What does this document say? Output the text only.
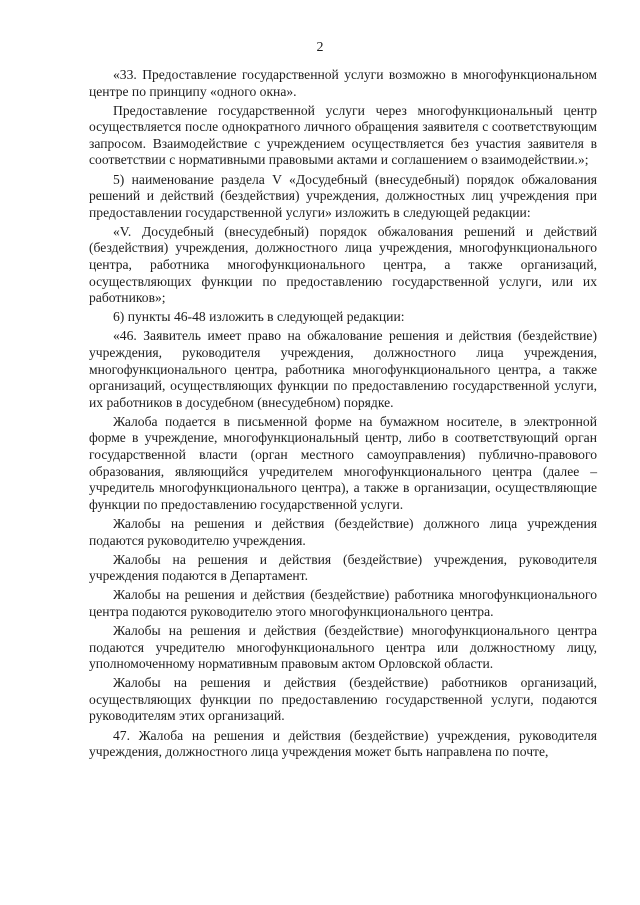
2

«33. Предоставление государственной услуги возможно в многофункциональном центре по принципу «одного окна».

Предоставление государственной услуги через многофункциональный центр осуществляется после однократного личного обращения заявителя с соответствующим запросом. Взаимодействие с учреждением осуществляется без участия заявителя в соответствии с нормативными правовыми актами и соглашением о взаимодействии.»;

5) наименование раздела V «Досудебный (внесудебный) порядок обжалования решений и действий (бездействия) учреждения, должностных лиц учреждения при предоставлении государственной услуги» изложить в следующей редакции:

«V. Досудебный (внесудебный) порядок обжалования решений и действий (бездействия) учреждения, должностного лица учреждения, многофункционального центра, работника многофункционального центра, а также организаций, осуществляющих функции по предоставлению государственной услуги, или их работников»;

6) пункты 46-48 изложить в следующей редакции:

«46. Заявитель имеет право на обжалование решения и действия (бездействие) учреждения, руководителя учреждения, должностного лица учреждения, многофункционального центра, работника многофункционального центра, а также организаций, осуществляющих функции по предоставлению государственной услуги, их работников в досудебном (внесудебном) порядке.

Жалоба подается в письменной форме на бумажном носителе, в электронной форме в учреждение, многофункциональный центр, либо в соответствующий орган государственной власти (орган местного самоуправления) публично-правового образования, являющийся учредителем многофункционального центра (далее – учредитель многофункционального центра), а также в организации, осуществляющие функции по предоставлению государственной услуги.

Жалобы на решения и действия (бездействие) должного лица учреждения подаются руководителю учреждения.

Жалобы на решения и действия (бездействие) учреждения, руководителя учреждения подаются в Департамент.

Жалобы на решения и действия (бездействие) работника многофункционального центра подаются руководителю этого многофункционального центра.

Жалобы на решения и действия (бездействие) многофункционального центра подаются учредителю многофункционального центра или должностному лицу, уполномоченному нормативным правовым актом Орловской области.

Жалобы на решения и действия (бездействие) работников организаций, осуществляющих функции по предоставлению государственной услуги, подаются руководителям этих организаций.

47. Жалоба на решения и действия (бездействие) учреждения, руководителя учреждения, должностного лица учреждения может быть направлена по почте,
